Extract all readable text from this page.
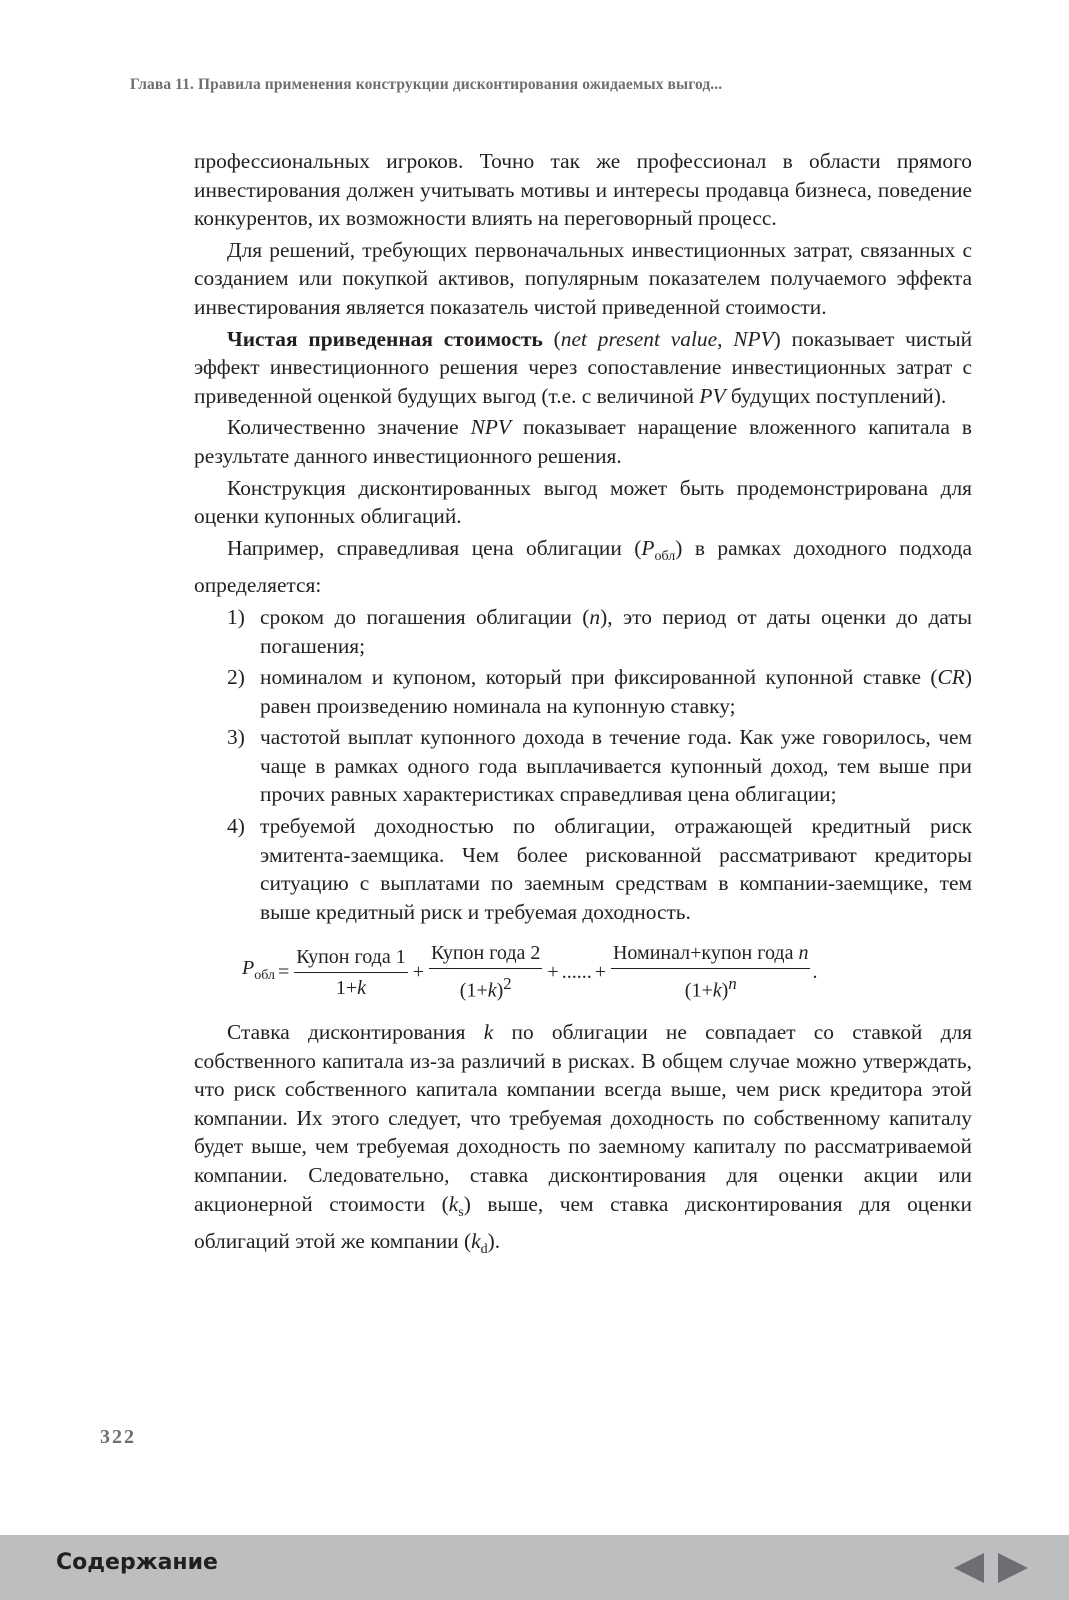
Глава 11. Правила применения конструкции дисконтирования ожидаемых выгод...

профессиональных игроков. Точно так же профессионал в области прямого инвестирования должен учитывать мотивы и интересы продавца бизнеса, поведение конкурентов, их возможности влиять на переговорный процесс.

Для решений, требующих первоначальных инвестиционных затрат, связанных с созданием или покупкой активов, популярным показателем получаемого эффекта инвестирования является показатель чистой приведенной стоимости.

Чистая приведенная стоимость (net present value, NPV) показывает чистый эффект инвестиционного решения через сопоставление инвестиционных затрат с приведенной оценкой будущих выгод (т.е. с величиной PV будущих поступлений).

Количественно значение NPV показывает наращение вложенного капитала в результате данного инвестиционного решения.

Конструкция дисконтированных выгод может быть продемонстрирована для оценки купонных облигаций.

Например, справедливая цена облигации $(P_{обл})$ в рамках доходного подхода определяется:

1) сроком до погашения облигации (n), это период от даты оценки до даты погашения;
2) номиналом и купоном, который при фиксированной купонной ставке (CR) равен произведению номинала на купонную ставку;
3) частотой выплат купонного дохода в течение года. Как уже говорилось, чем чаще в рамках одного года выплачивается купонный доход, тем выше при прочих равных характеристиках справедливая цена облигации;
4) требуемой доходностью по облигации, отражающей кредитный риск эмитента-заемщика. Чем более рискованной рассматривают кредиторы ситуацию с выплатами по заемным средствам в компании-заемщике, тем выше кредитный риск и требуемая доходность.
$P_{обл} = \frac{\text{Купон года 1}}{1+k} + \frac{\text{Купон года 2}}{(1+k)^2}$ + ...... + $\frac{\text{Номинал+купон года n}}{(1+k)^n}$ .

Ставка дисконтирования k по облигации не совпадает со ставкой для собственного капитала из-за различий в рисках. В общем случае можно утверждать, что риск собственного капитала компании всегда выше, чем риск кредитора этой компании. Их этого следует, что требуемая доходность по собственному капиталу будет выше, чем требуемая доходность по заемному капиталу по рассматриваемой компании. Следовательно, ставка дисконтирования для оценки акции или акционерной стоимости $(k_s)$ выше, чем ставка дисконтирования для оценки облигаций этой же компании $(k_d)$.

322
Содержание
